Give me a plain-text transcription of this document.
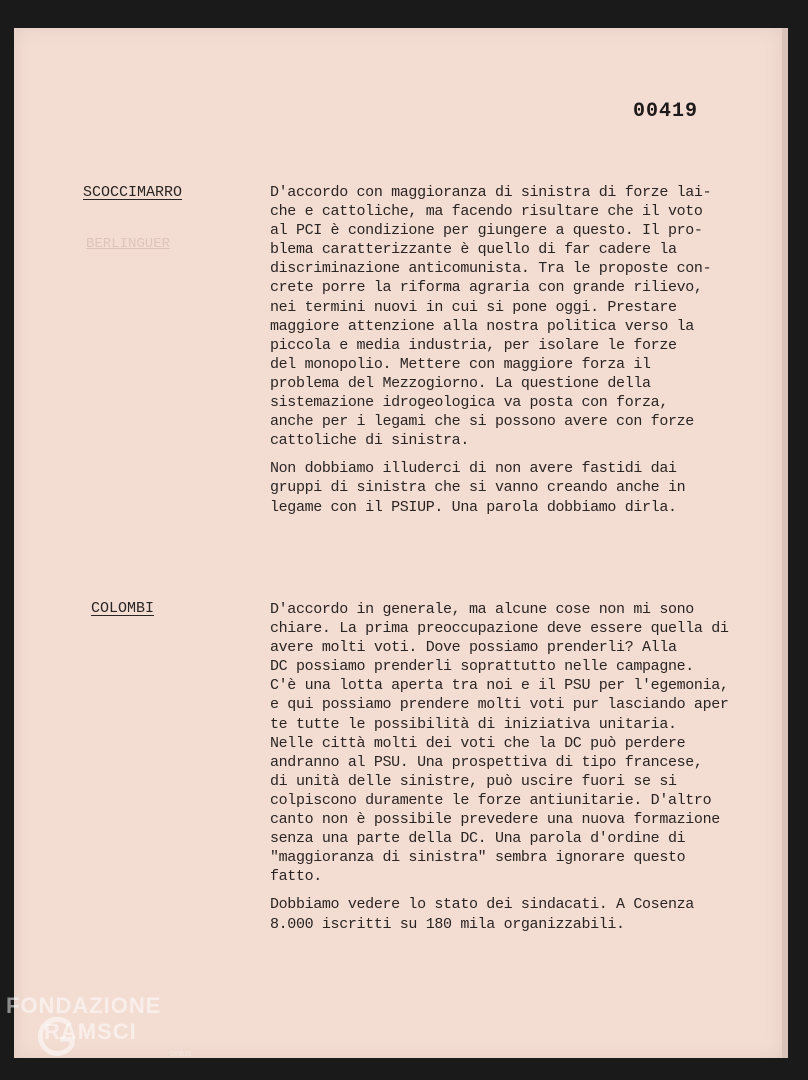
00419
BERLINGUER
SCOCCIMARRO	D'accordo con maggioranza di sinistra di forze lai-
che e cattoliche, ma facendo risultare che il voto
al PCI è condizione per giungere a questo. Il pro-
blema caratterizzante è quello di far cadere la
discriminazione anticomunista. Tra le proposte con-
crete porre la riforma agraria con grande rilievo,
nei termini nuovi in cui si pone oggi. Prestare
maggiore attenzione alla nostra politica verso la
piccola e media industria, per isolare le forze
del monopolio. Mettere con maggiore forza il
problema del Mezzogiorno. La questione della
sistemazione idrogeologica va posta con forza,
anche per i legami che si possono avere con forze
cattoliche di sinistra.
Non dobbiamo illuderci di non avere fastidi dai
gruppi di sinistra che si vanno creando anche in
legame con il PSIUP. Una parola dobbiamo dirla.
COLOMBI	D'accordo in generale, ma alcune cose non mi sono
chiare. La prima preoccupazione deve essere quella di
avere molti voti. Dove possiamo prenderli? Alla
DC possiamo prenderli soprattutto nelle campagne.
C'è una lotta aperta tra noi e il PSU per l'egemonia,
e qui possiamo prendere molti voti pur lasciando aper
te tutte le possibilità di iniziativa unitaria.
Nelle città molti dei voti che la DC può perdere
andranno al PSU. Una prospettiva di tipo francese,
di unità delle sinistre, può uscire fuori se si
colpiscono duramente le forze antiunitarie. D'altro
canto non è possibile prevedere una nuova formazione
senza una parte della DC. Una parola d'ordine di
"maggioranza di sinistra" sembra ignorare questo
fatto.
Dobbiamo vedere lo stato dei sindacati. A Cosenza
8.000 iscritti su 180 mila organizzabili.
FONDAZIONE
RAMSCI
onlus
